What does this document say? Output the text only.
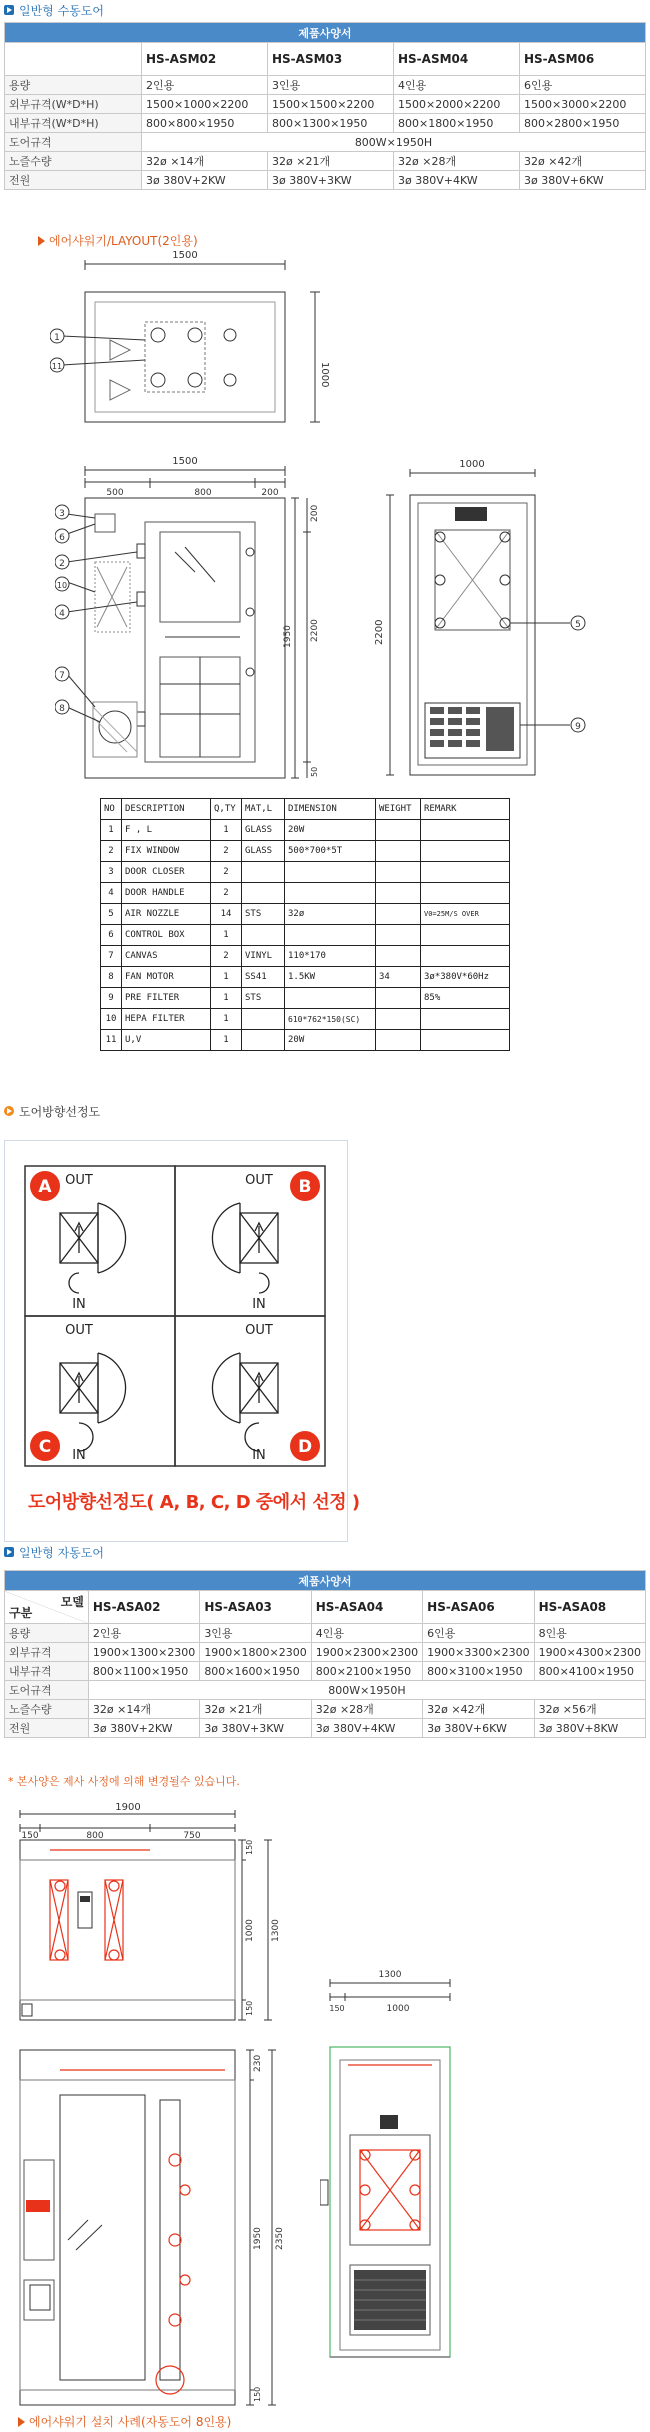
일반형 수동도어
제품사양서				
	HS-ASM02	HS-ASM03	HS-ASM04	HS-ASM06
용량	2인용	3인용	4인용	6인용
외부규격(W*D*H)	1500×1000×2200	1500×1500×2200	1500×2000×2200	1500×3000×2200
내부규격(W*D*H)	800×800×1950	800×1300×1950	800×1800×1950	800×2800×1950
도어규격	800W×1950H			
노즐수량	32ø ×14개	32ø ×21개	32ø ×28개	32ø ×42개
전원	3ø 380V+2KW	3ø 380V+3KW	3ø 380V+4KW	3ø 380V+6KW
에어샤워기/LAYOUT(2인용)
1500
1000
1
11
1500
500	800	200
1950 2200
200
50
3
6
2
10
4
7
8
1000
2200	5
9
NO	DESCRIPTION	Q,TY	MAT,L	DIMENSION	WEIGHT	REMARK
1	F , L	1	GLASS	20W		
2	FIX WINDOW	2	GLASS	500*700*5T		
3	DOOR CLOSER	2				
4	DOOR HANDLE	2				
5	AIR NOZZLE	14	STS	32ø		V0=25M/S OVER
6	CONTROL BOX	1				
7	CANVAS	2	VINYL	110*170		
8	FAN MOTOR	1	SS41	1.5KW	34	3ø*380V*60Hz
9	PRE FILTER	1	STS			85%
10	HEPA FILTER	1		610*762*150(SC)		
11	U,V	1		20W		
도어방향선정도
OUT
IN
OUT
IN
OUT
IN
OUT
IN
A	B
C	D
도어방향선정도( A, B, C, D 중에서 선정 )
일반형 자동도어
제품사양서					

모델
구분	HS-ASA02	HS-ASA03	HS-ASA04	HS-ASA06	HS-ASA08
용량	2인용	3인용	4인용	6인용	8인용
외부규격	1900×1300×2300	1900×1800×2300	1900×2300×2300	1900×3300×2300	1900×4300×2300
내부규격	800×1100×1950	800×1600×1950	800×2100×1950	800×3100×1950	800×4100×1950
도어규격	800W×1950H				
노즐수량	32ø ×14개	32ø ×21개	32ø ×28개	32ø ×42개	32ø ×56개
전원	3ø 380V+2KW	3ø 380V+3KW	3ø 380V+4KW	3ø 380V+6KW	3ø 380V+8KW
* 본사양은 제사 사정에 의해 변경될수 있습니다.
1900
150	800	750
150
1000
150
1300
230
1950
150
2350
1300
150	1000
에어샤워기 설치 사례(자동도어 8인용)
